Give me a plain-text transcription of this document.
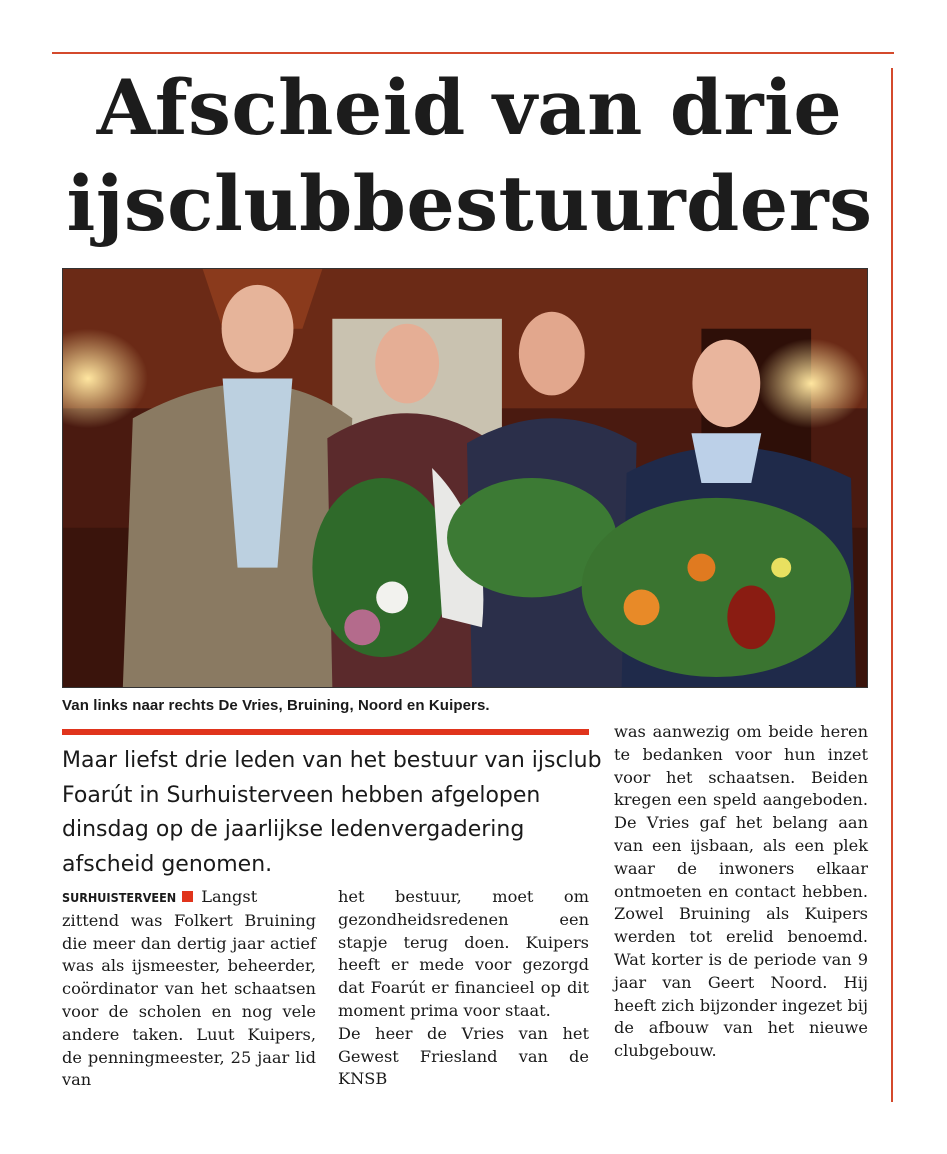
Afscheid van drie
ijsclubbestuurders
Van links naar rechts De Vries, Bruining, Noord en Kuipers.
Maar liefst drie leden van het bestuur van ijsclub Foarút in Surhuisterveen hebben afgelopen dinsdag op de jaarlijkse ledenvergadering afscheid genomen.

SURHUISTERVEEN Langst zittend was Folkert Bruining die meer dan dertig jaar actief was als ijsmeester, beheerder, coördinator van het schaatsen voor de scholen en nog vele andere taken. Luut Kuipers, de penningmeester, 25 jaar lid van

het bestuur, moet om gezondheidsredenen een stapje terug doen. Kuipers heeft er mede voor gezorgd dat Foarút er financieel op dit moment prima voor staat.

De heer de Vries van het Gewest Friesland van de KNSB

was aanwezig om beide heren te bedanken voor hun inzet voor het schaatsen. Beiden kregen een speld aangeboden. De Vries gaf het belang aan van een ijsbaan, als een plek waar de inwoners elkaar ontmoeten en contact hebben. Zowel Bruining als Kuipers werden tot erelid benoemd. Wat korter is de periode van 9 jaar van Geert Noord. Hij heeft zich bijzonder ingezet bij de afbouw van het nieuwe clubgebouw.
